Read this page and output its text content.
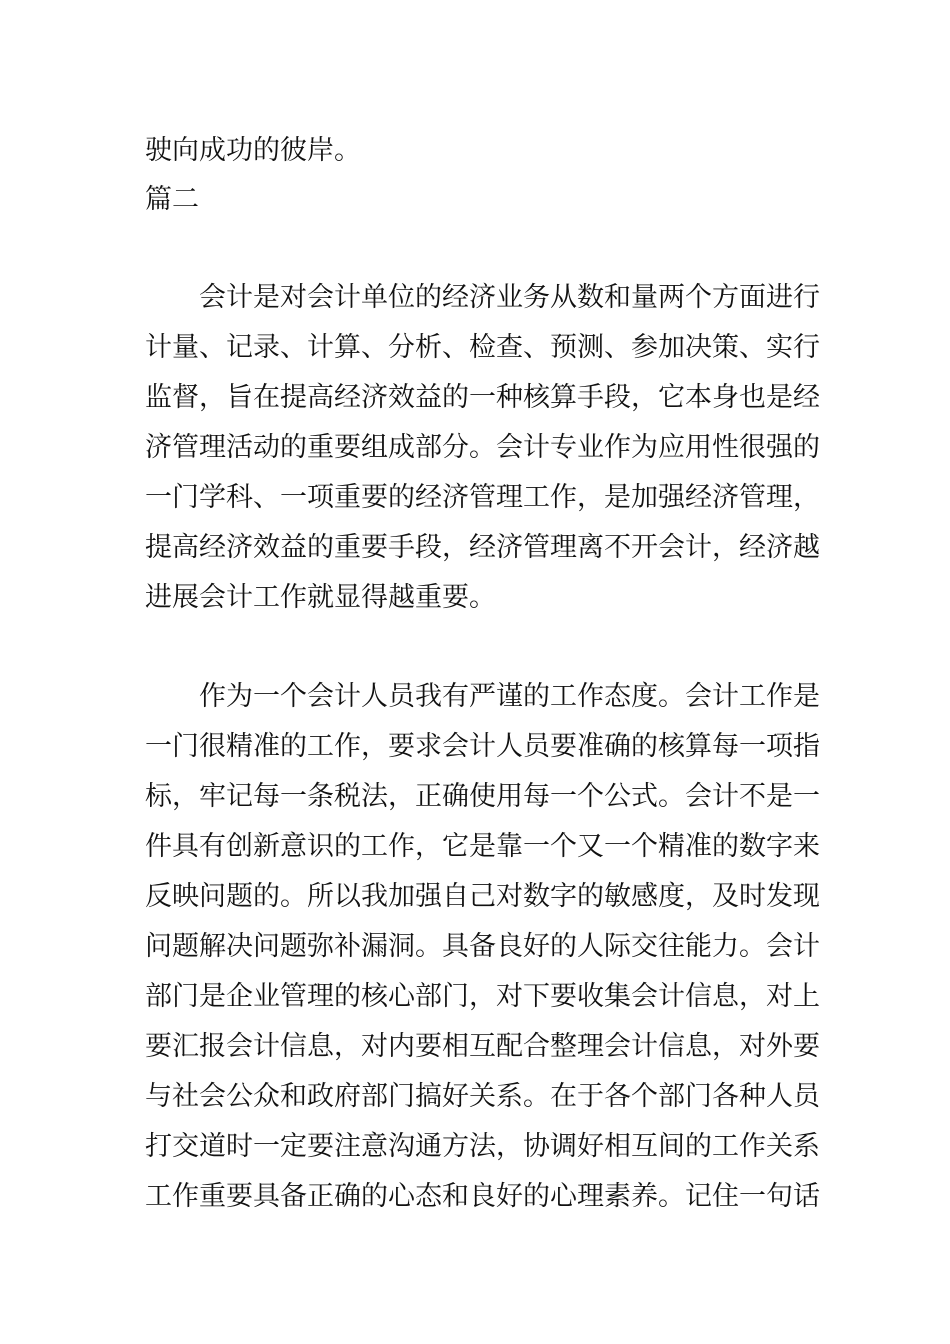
驶向成功的彼岸。
篇二
会计是对会计单位的经济业务从数和量两个方面进行
计量、记录、计算、分析、检查、预测、参加决策、实行
监督，旨在提高经济效益的一种核算手段，它本身也是经
济管理活动的重要组成部分。会计专业作为应用性很强的
一门学科、一项重要的经济管理工作，是加强经济管理，
提高经济效益的重要手段，经济管理离不开会计，经济越
进展会计工作就显得越重要。
作为一个会计人员我有严谨的工作态度。会计工作是
一门很精准的工作，要求会计人员要准确的核算每一项指
标，牢记每一条税法，正确使用每一个公式。会计不是一
件具有创新意识的工作，它是靠一个又一个精准的数字来
反映问题的。所以我加强自己对数字的敏感度，及时发现
问题解决问题弥补漏洞。具备良好的人际交往能力。会计
部门是企业管理的核心部门，对下要收集会计信息，对上
要汇报会计信息，对内要相互配合整理会计信息，对外要
与社会公众和政府部门搞好关系。在于各个部门各种人员
打交道时一定要注意沟通方法，协调好相互间的工作关系
工作重要具备正确的心态和良好的心理素养。记住一句话
